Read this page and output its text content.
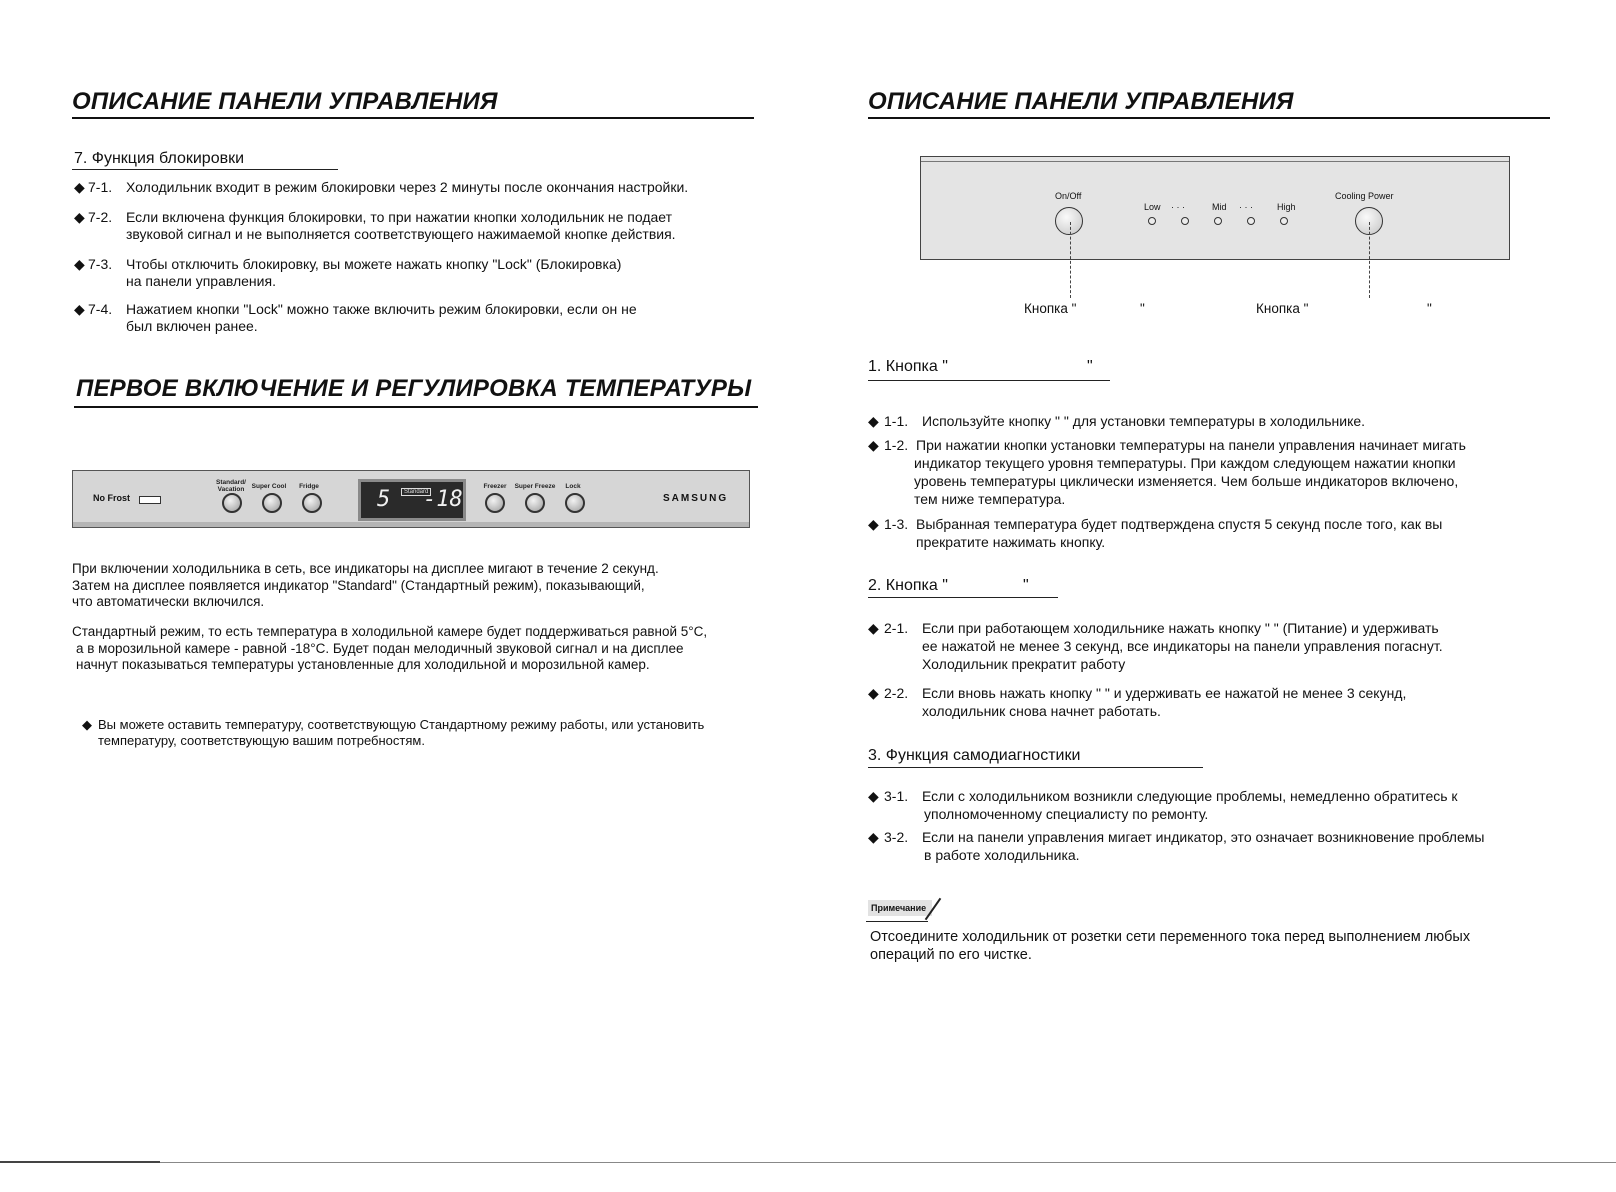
ОПИСАНИЕ ПАНЕЛИ УПРАВЛЕНИЯ
7. Функция блокировки
◆ 7-1. Холодильник входит в режим блокировки через 2 минуты после окончания настройки.
◆ 7-2. Если включена функция блокировки, то при нажатии кнопки холодильник не подает
звуковой сигнал и не выполняется соответствующего нажимаемой кнопке действия.
◆ 7-3. Чтобы отключить блокировку, вы можете нажать кнопку "Lock" (Блокировка)
на панели управления.
◆ 7-4. Нажатием кнопки "Lock" можно также включить режим блокировки, если он не
был включен ранее.
ПЕРВОЕ ВКЛЮЧЕНИЕ И РЕГУЛИРОВКА ТЕМПЕРАТУРЫ
No Frost
Standard/ Vacation	Super Cool	Fridge
5	Standard
-18
Freezer	Super Freeze	Lock
SAMSUNG
При включении холодильника в сеть, все индикаторы на дисплее мигают в течение 2 секунд.
Затем на дисплее появляется индикатор "Standard" (Стандартный режим), показывающий,
что автоматически включился.
Стандартный режим, то есть температура в холодильной камере будет поддерживаться равной 5°C,
а в морозильной камере - равной -18°C. Будет подан мелодичный звуковой сигнал и на дисплее
начнут показываться температуры установленные для холодильной и морозильной камер.
◆ Вы можете оставить температуру, соответствующую Стандартному режиму работы, или установить
температуру, соответствующую вашим потребностям.
ОПИСАНИЕ ПАНЕЛИ УПРАВЛЕНИЯ
On/Off
Low · · ·	Mid · · ·	High
Cooling Power
Кнопка "	"	Кнопка "	"
1. Кнопка "	"
◆ 1-1. Используйте кнопку " " для установки температуры в холодильнике.
◆ 1-2. При нажатии кнопки установки температуры на панели управления начинает мигать
индикатор текущего уровня температуры. При каждом следующем нажатии кнопки
уровень температуры циклически изменяется. Чем больше индикаторов включено,
тем ниже температура.
◆ 1-3. Выбранная температура будет подтверждена спустя 5 секунд после того, как вы
прекратите нажимать кнопку.
2. Кнопка "	"
◆ 2-1. Если при работающем холодильнике нажать кнопку " " (Питание) и удерживать
ее нажатой не менее 3 секунд, все индикаторы на панели управления погаснут.
Холодильник прекратит работу
◆ 2-2. Если вновь нажать кнопку " " и удерживать ее нажатой не менее 3 секунд,
холодильник снова начнет работать.
3. Функция самодиагностики
◆ 3-1. Если с холодильником возникли следующие проблемы, немедленно обратитесь к
уполномоченному специалисту по ремонту.
◆ 3-2. Если на панели управления мигает индикатор, это означает возникновение проблемы
в работе холодильника.
Примечание
Отсоедините холодильник от розетки сети переменного тока перед выполнением любых
операций по его чистке.
